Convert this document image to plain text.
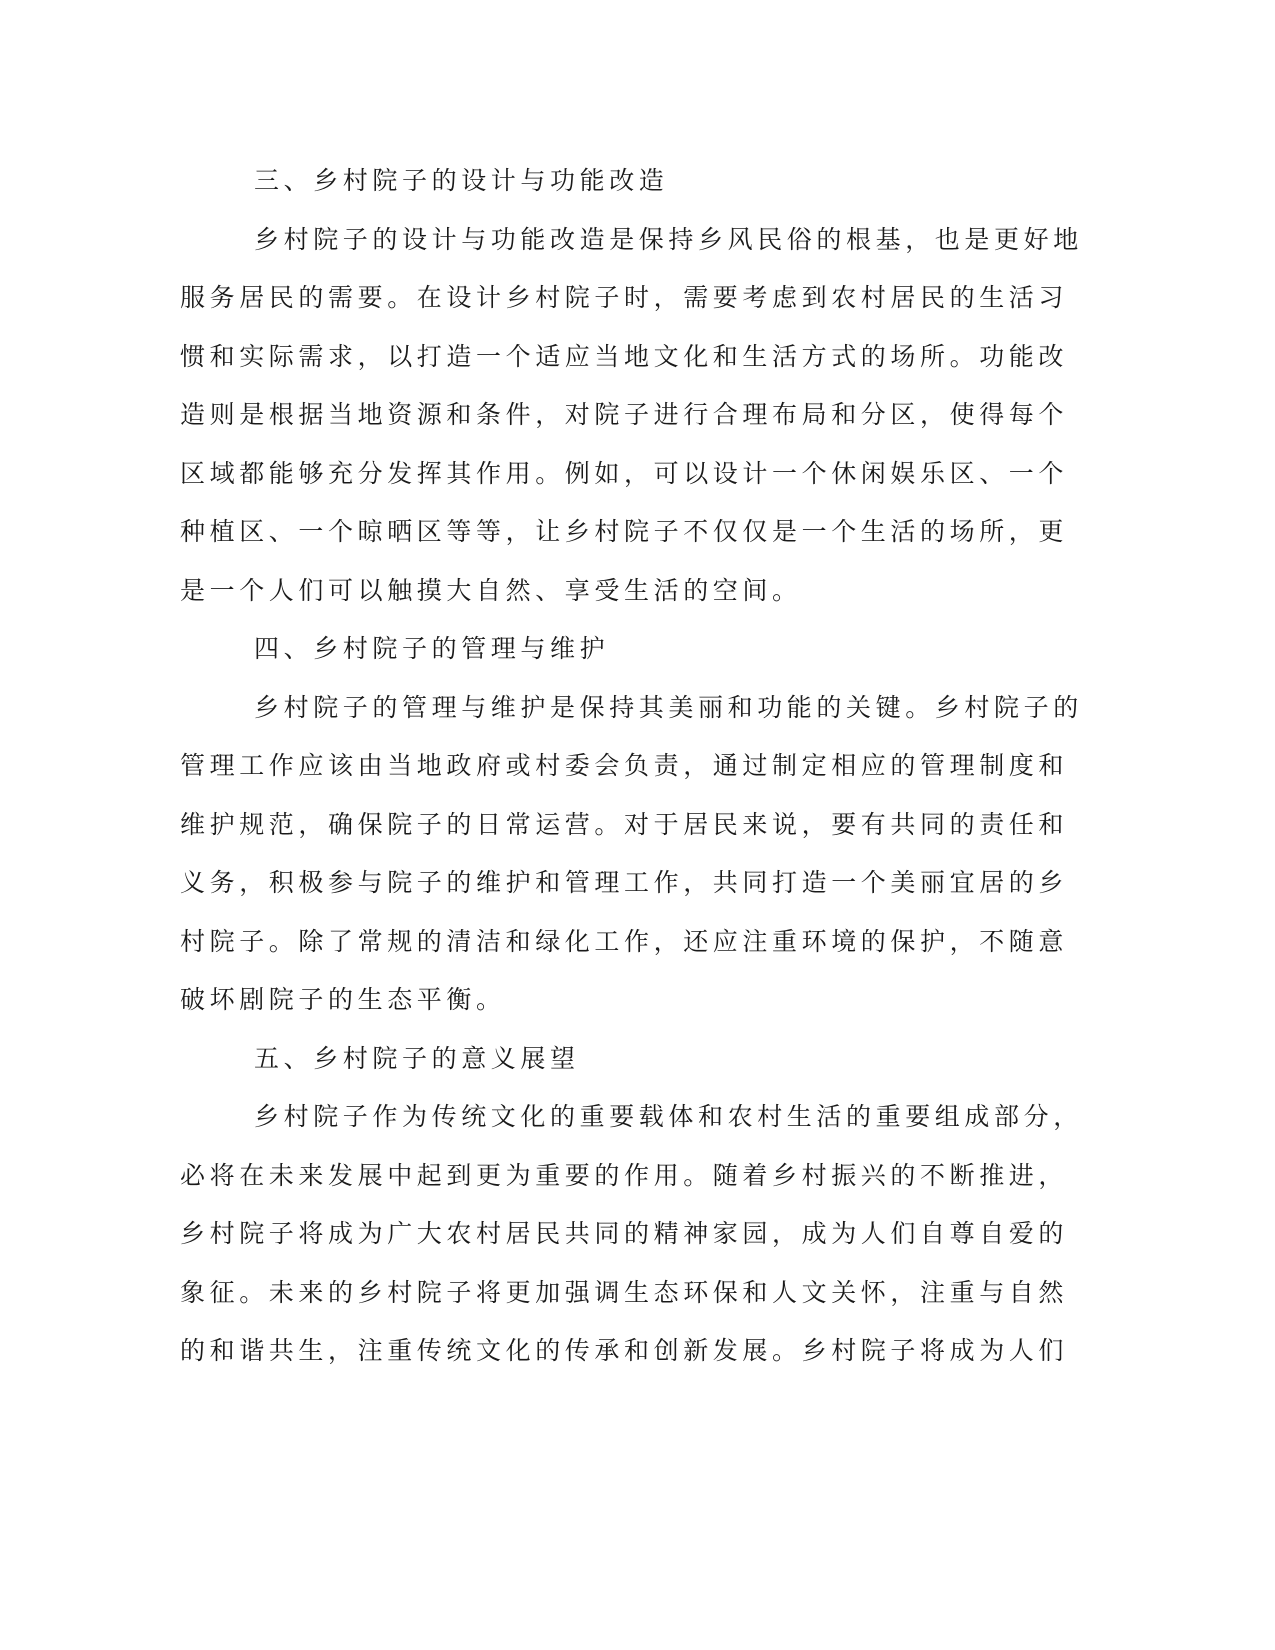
三、乡村院子的设计与功能改造
乡村院子的设计与功能改造是保持乡风民俗的根基，也是更好地
服务居民的需要。在设计乡村院子时，需要考虑到农村居民的生活习
惯和实际需求，以打造一个适应当地文化和生活方式的场所。功能改
造则是根据当地资源和条件，对院子进行合理布局和分区，使得每个
区域都能够充分发挥其作用。例如，可以设计一个休闲娱乐区、一个
种植区、一个晾晒区等等，让乡村院子不仅仅是一个生活的场所，更
是一个人们可以触摸大自然、享受生活的空间。
四、乡村院子的管理与维护
乡村院子的管理与维护是保持其美丽和功能的关键。乡村院子的
管理工作应该由当地政府或村委会负责，通过制定相应的管理制度和
维护规范，确保院子的日常运营。对于居民来说，要有共同的责任和
义务，积极参与院子的维护和管理工作，共同打造一个美丽宜居的乡
村院子。除了常规的清洁和绿化工作，还应注重环境的保护，不随意
破坏剧院子的生态平衡。
五、乡村院子的意义展望
乡村院子作为传统文化的重要载体和农村生活的重要组成部分，
必将在未来发展中起到更为重要的作用。随着乡村振兴的不断推进，
乡村院子将成为广大农村居民共同的精神家园，成为人们自尊自爱的
象征。未来的乡村院子将更加强调生态环保和人文关怀，注重与自然
的和谐共生，注重传统文化的传承和创新发展。乡村院子将成为人们
